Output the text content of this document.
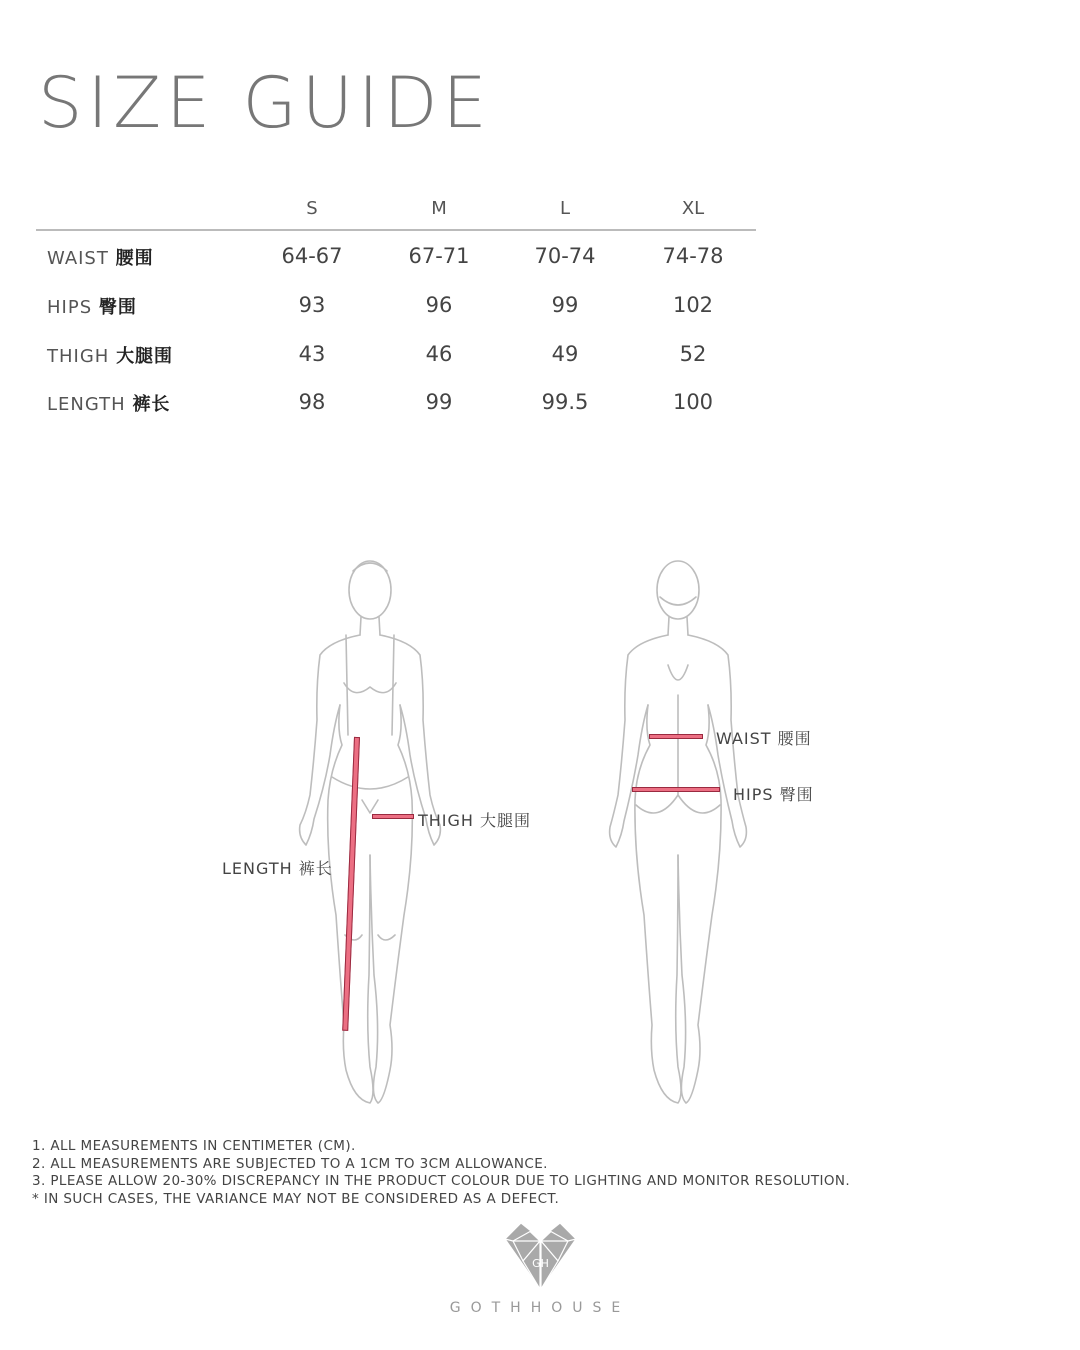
SIZE GUIDE
S	M	L	XL
WAIST 腰围	64-67	67-71	70-74	74-78
HIPS 臀围	93	96	99	102
THIGH 大腿围	43	46	49	52
LENGTH 裤长	98	99	99.5	100
THIGH 大腿围
LENGTH 裤长
WAIST 腰围
HIPS 臀围
1. ALL MEASUREMENTS IN CENTIMETER (CM).
2. ALL MEASUREMENTS ARE SUBJECTED TO A 1CM TO 3CM ALLOWANCE.
3. PLEASE ALLOW 20-30% DISCREPANCY IN THE PRODUCT COLOUR DUE TO LIGHTING AND MONITOR RESOLUTION.
* IN SUCH CASES, THE VARIANCE MAY NOT BE CONSIDERED AS A DEFECT.
GH
GOTHHOUSE
